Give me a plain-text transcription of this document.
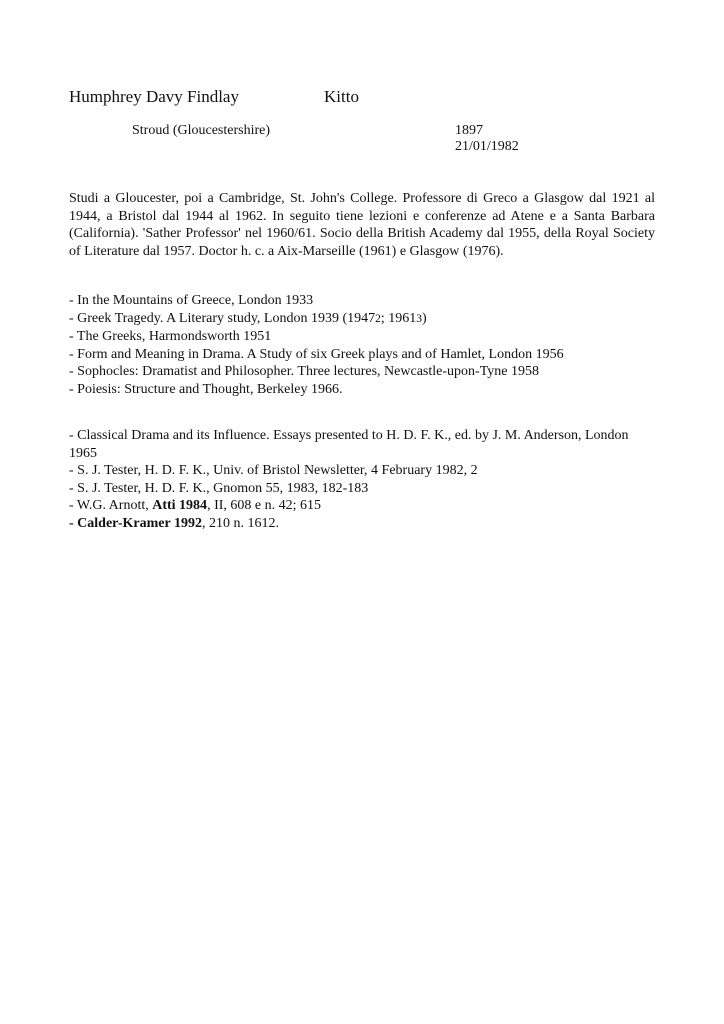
Humphrey Davy Findlay	Kitto
Stroud (Gloucestershire)	1897
21/01/1982
Studi a Gloucester, poi a Cambridge, St. John's College. Professore di Greco a Glasgow dal 1921 al 1944, a Bristol dal 1944 al 1962. In seguito tiene lezioni e conferenze ad Atene e a Santa Barbara (California). 'Sather Professor' nel 1960/61. Socio della British Academy dal 1955, della Royal Society of Literature dal 1957. Doctor h. c. a Aix-Marseille (1961) e Glasgow (1976).
- In the Mountains of Greece, London 1933
- Greek Tragedy. A Literary study, London 1939 (19472; 19613)
- The Greeks, Harmondsworth 1951
- Form and Meaning in Drama. A Study of six Greek plays and of Hamlet, London 1956
- Sophocles: Dramatist and Philosopher. Three lectures, Newcastle-upon-Tyne 1958
- Poiesis: Structure and Thought, Berkeley 1966.
- Classical Drama and its Influence. Essays presented to H. D. F. K., ed. by J. M. Anderson, London 1965
- S. J. Tester, H. D. F. K., Univ. of Bristol Newsletter, 4 February 1982, 2
- S. J. Tester, H. D. F. K., Gnomon 55, 1983, 182-183
- W.G. Arnott, Atti 1984, II, 608 e n. 42; 615
- Calder-Kramer 1992, 210 n. 1612.
